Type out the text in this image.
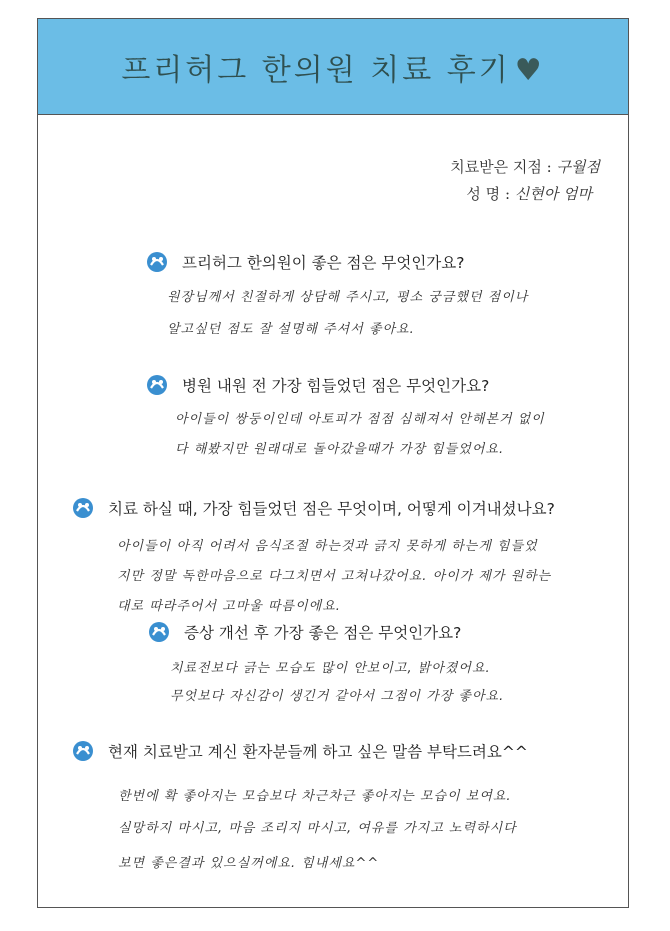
프리허그 한의원 치료 후기 ♥
치료받은 지점 : 구월점
성 명 : 신현아 엄마
프리허그 한의원이 좋은 점은 무엇인가요?
원장님께서 친절하게 상담해 주시고, 평소 궁금했던 점이나
알고싶던 점도 잘 설명해 주셔서 좋아요.
병원 내원 전 가장 힘들었던 점은 무엇인가요?
아이들이 쌍둥이인데 아토피가 점점 심해져서 안해본거 없이
다 해봤지만 원래대로 돌아갔을때가 가장 힘들었어요.
치료 하실 때, 가장 힘들었던 점은 무엇이며, 어떻게 이겨내셨나요?
아이들이 아직 어려서 음식조절 하는것과 긁지 못하게 하는게 힘들었
지만 정말 독한마음으로 다그치면서 고쳐나갔어요. 아이가 제가 원하는
대로 따라주어서 고마울 따름이에요.
증상 개선 후 가장 좋은 점은 무엇인가요?
치료전보다 긁는 모습도 많이 안보이고, 밝아졌어요.
무엇보다 자신감이 생긴거 같아서 그점이 가장 좋아요.
현재 치료받고 계신 환자분들께 하고 싶은 말씀 부탁드려요^^
한번에 확 좋아지는 모습보다 차근차근 좋아지는 모습이 보여요.
실망하지 마시고, 마음 조리지 마시고, 여유를 가지고 노력하시다
보면 좋은결과 있으실꺼에요. 힘내세요^^
